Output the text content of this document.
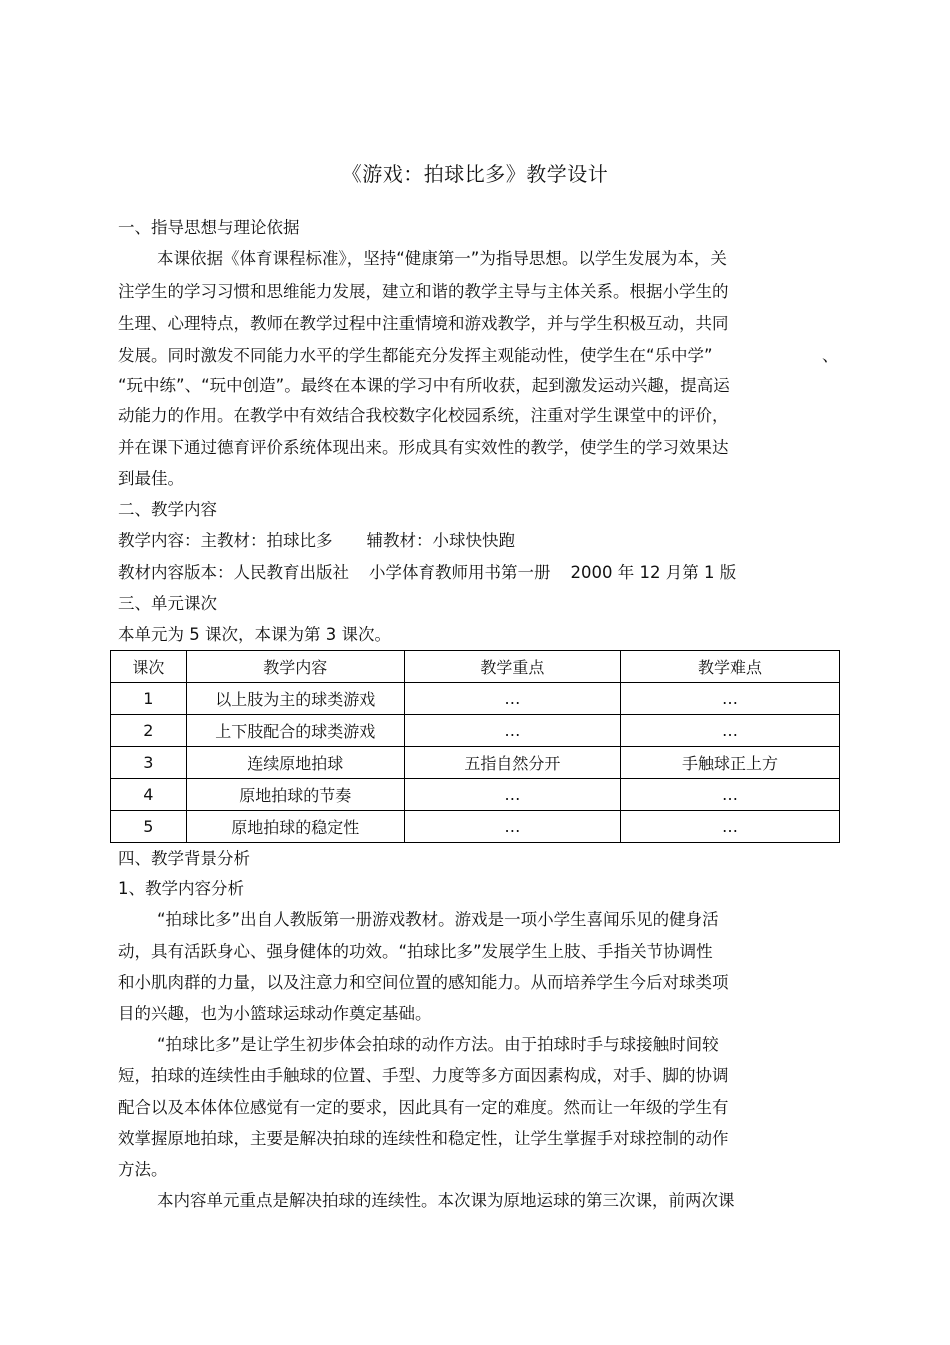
《游戏：拍球比多》教学设计
一、指导思想与理论依据
本课依据《体育课程标准》，坚持“健康第一”为指导思想。以学生发展为本，关
注学生的学习习惯和思维能力发展，建立和谐的教学主导与主体关系。根据小学生的
生理、心理特点，教师在教学过程中注重情境和游戏教学，并与学生积极互动，共同
发展。同时激发不同能力水平的学生都能充分发挥主观能动性，使学生在“乐中学”	、
“玩中练”、“玩中创造”。最终在本课的学习中有所收获，起到激发运动兴趣，提高运
动能力的作用。在教学中有效结合我校数字化校园系统，注重对学生课堂中的评价，
并在课下通过德育评价系统体现出来。形成具有实效性的教学，使学生的学习效果达
到最佳。
二、教学内容
教学内容：主教材：拍球比多 辅教材：小球快快跑
教材内容版本：人民教育出版社 小学体育教师用书第一册 2000 年 12 月第 1 版
三、单元课次
本单元为 5 课次，本课为第 3 课次。
课次	教学内容	教学重点	教学难点
1	以上肢为主的球类游戏	…	…
2	上下肢配合的球类游戏	…	…
3	连续原地拍球	五指自然分开	手触球正上方
4	原地拍球的节奏	…	…
5	原地拍球的稳定性	…	…
四、教学背景分析
1、教学内容分析
“拍球比多”出自人教版第一册游戏教材。游戏是一项小学生喜闻乐见的健身活
动，具有活跃身心、强身健体的功效。“拍球比多”发展学生上肢、手指关节协调性
和小肌肉群的力量，以及注意力和空间位置的感知能力。从而培养学生今后对球类项
目的兴趣，也为小篮球运球动作奠定基础。
“拍球比多”是让学生初步体会拍球的动作方法。由于拍球时手与球接触时间较
短，拍球的连续性由手触球的位置、手型、力度等多方面因素构成，对手、脚的协调
配合以及本体体位感觉有一定的要求，因此具有一定的难度。然而让一年级的学生有
效掌握原地拍球，主要是解决拍球的连续性和稳定性，让学生掌握手对球控制的动作
方法。
本内容单元重点是解决拍球的连续性。本次课为原地运球的第三次课，前两次课
